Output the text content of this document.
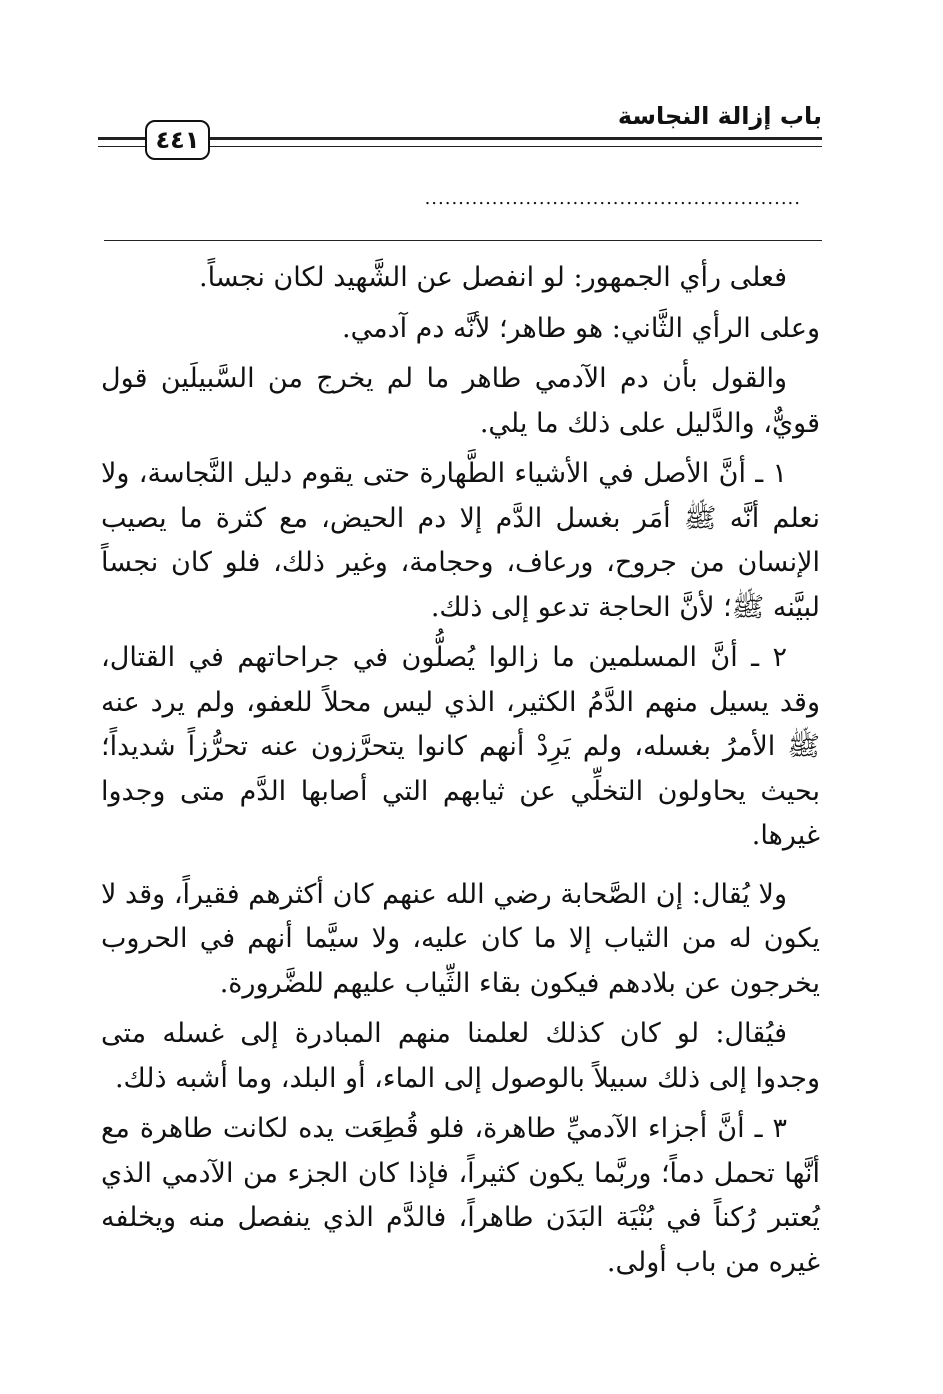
باب إزالة النجاسة
٤٤١
........................................................

فعلى رأي الجمهور: لو انفصل عن الشَّهيد لكان نجساً.

وعلى الرأي الثَّاني: هو طاهر؛ لأنَّه دم آدمي.

والقول بأن دم الآدمي طاهر ما لم يخرج من السَّبيلَين قول قويٌّ، والدَّليل على ذلك ما يلي.

١ ـ أنَّ الأصل في الأشياء الطَّهارة حتى يقوم دليل النَّجاسة، ولا نعلم أنَّه ﷺ أمَر بغسل الدَّم إلا دم الحيض، مع كثرة ما يصيب الإنسان من جروح، ورعاف، وحجامة، وغير ذلك، فلو كان نجساً لبيَّنه ﷺ؛ لأنَّ الحاجة تدعو إلى ذلك.

٢ ـ أنَّ المسلمين ما زالوا يُصلُّون في جراحاتهم في القتال، وقد يسيل منهم الدَّمُ الكثير، الذي ليس محلاً للعفو، ولم يرد عنه ﷺ الأمرُ بغسله، ولم يَرِدْ أنهم كانوا يتحرَّزون عنه تحرُّزاً شديداً؛ بحيث يحاولون التخلِّي عن ثيابهم التي أصابها الدَّم متى وجدوا غيرها.

ولا يُقال: إن الصَّحابة رضي الله عنهم كان أكثرهم فقيراً، وقد لا يكون له من الثياب إلا ما كان عليه، ولا سيَّما أنهم في الحروب يخرجون عن بلادهم فيكون بقاء الثِّياب عليهم للضَّرورة.

فيُقال: لو كان كذلك لعلمنا منهم المبادرة إلى غسله متى وجدوا إلى ذلك سبيلاً بالوصول إلى الماء، أو البلد، وما أشبه ذلك.

٣ ـ أنَّ أجزاء الآدميِّ طاهرة، فلو قُطِعَت يده لكانت طاهرة مع أنَّها تحمل دماً؛ وربَّما يكون كثيراً، فإذا كان الجزء من الآدمي الذي يُعتبر رُكناً في بُنْيَة البَدَن طاهراً، فالدَّم الذي ينفصل منه ويخلفه غيره من باب أولى.
